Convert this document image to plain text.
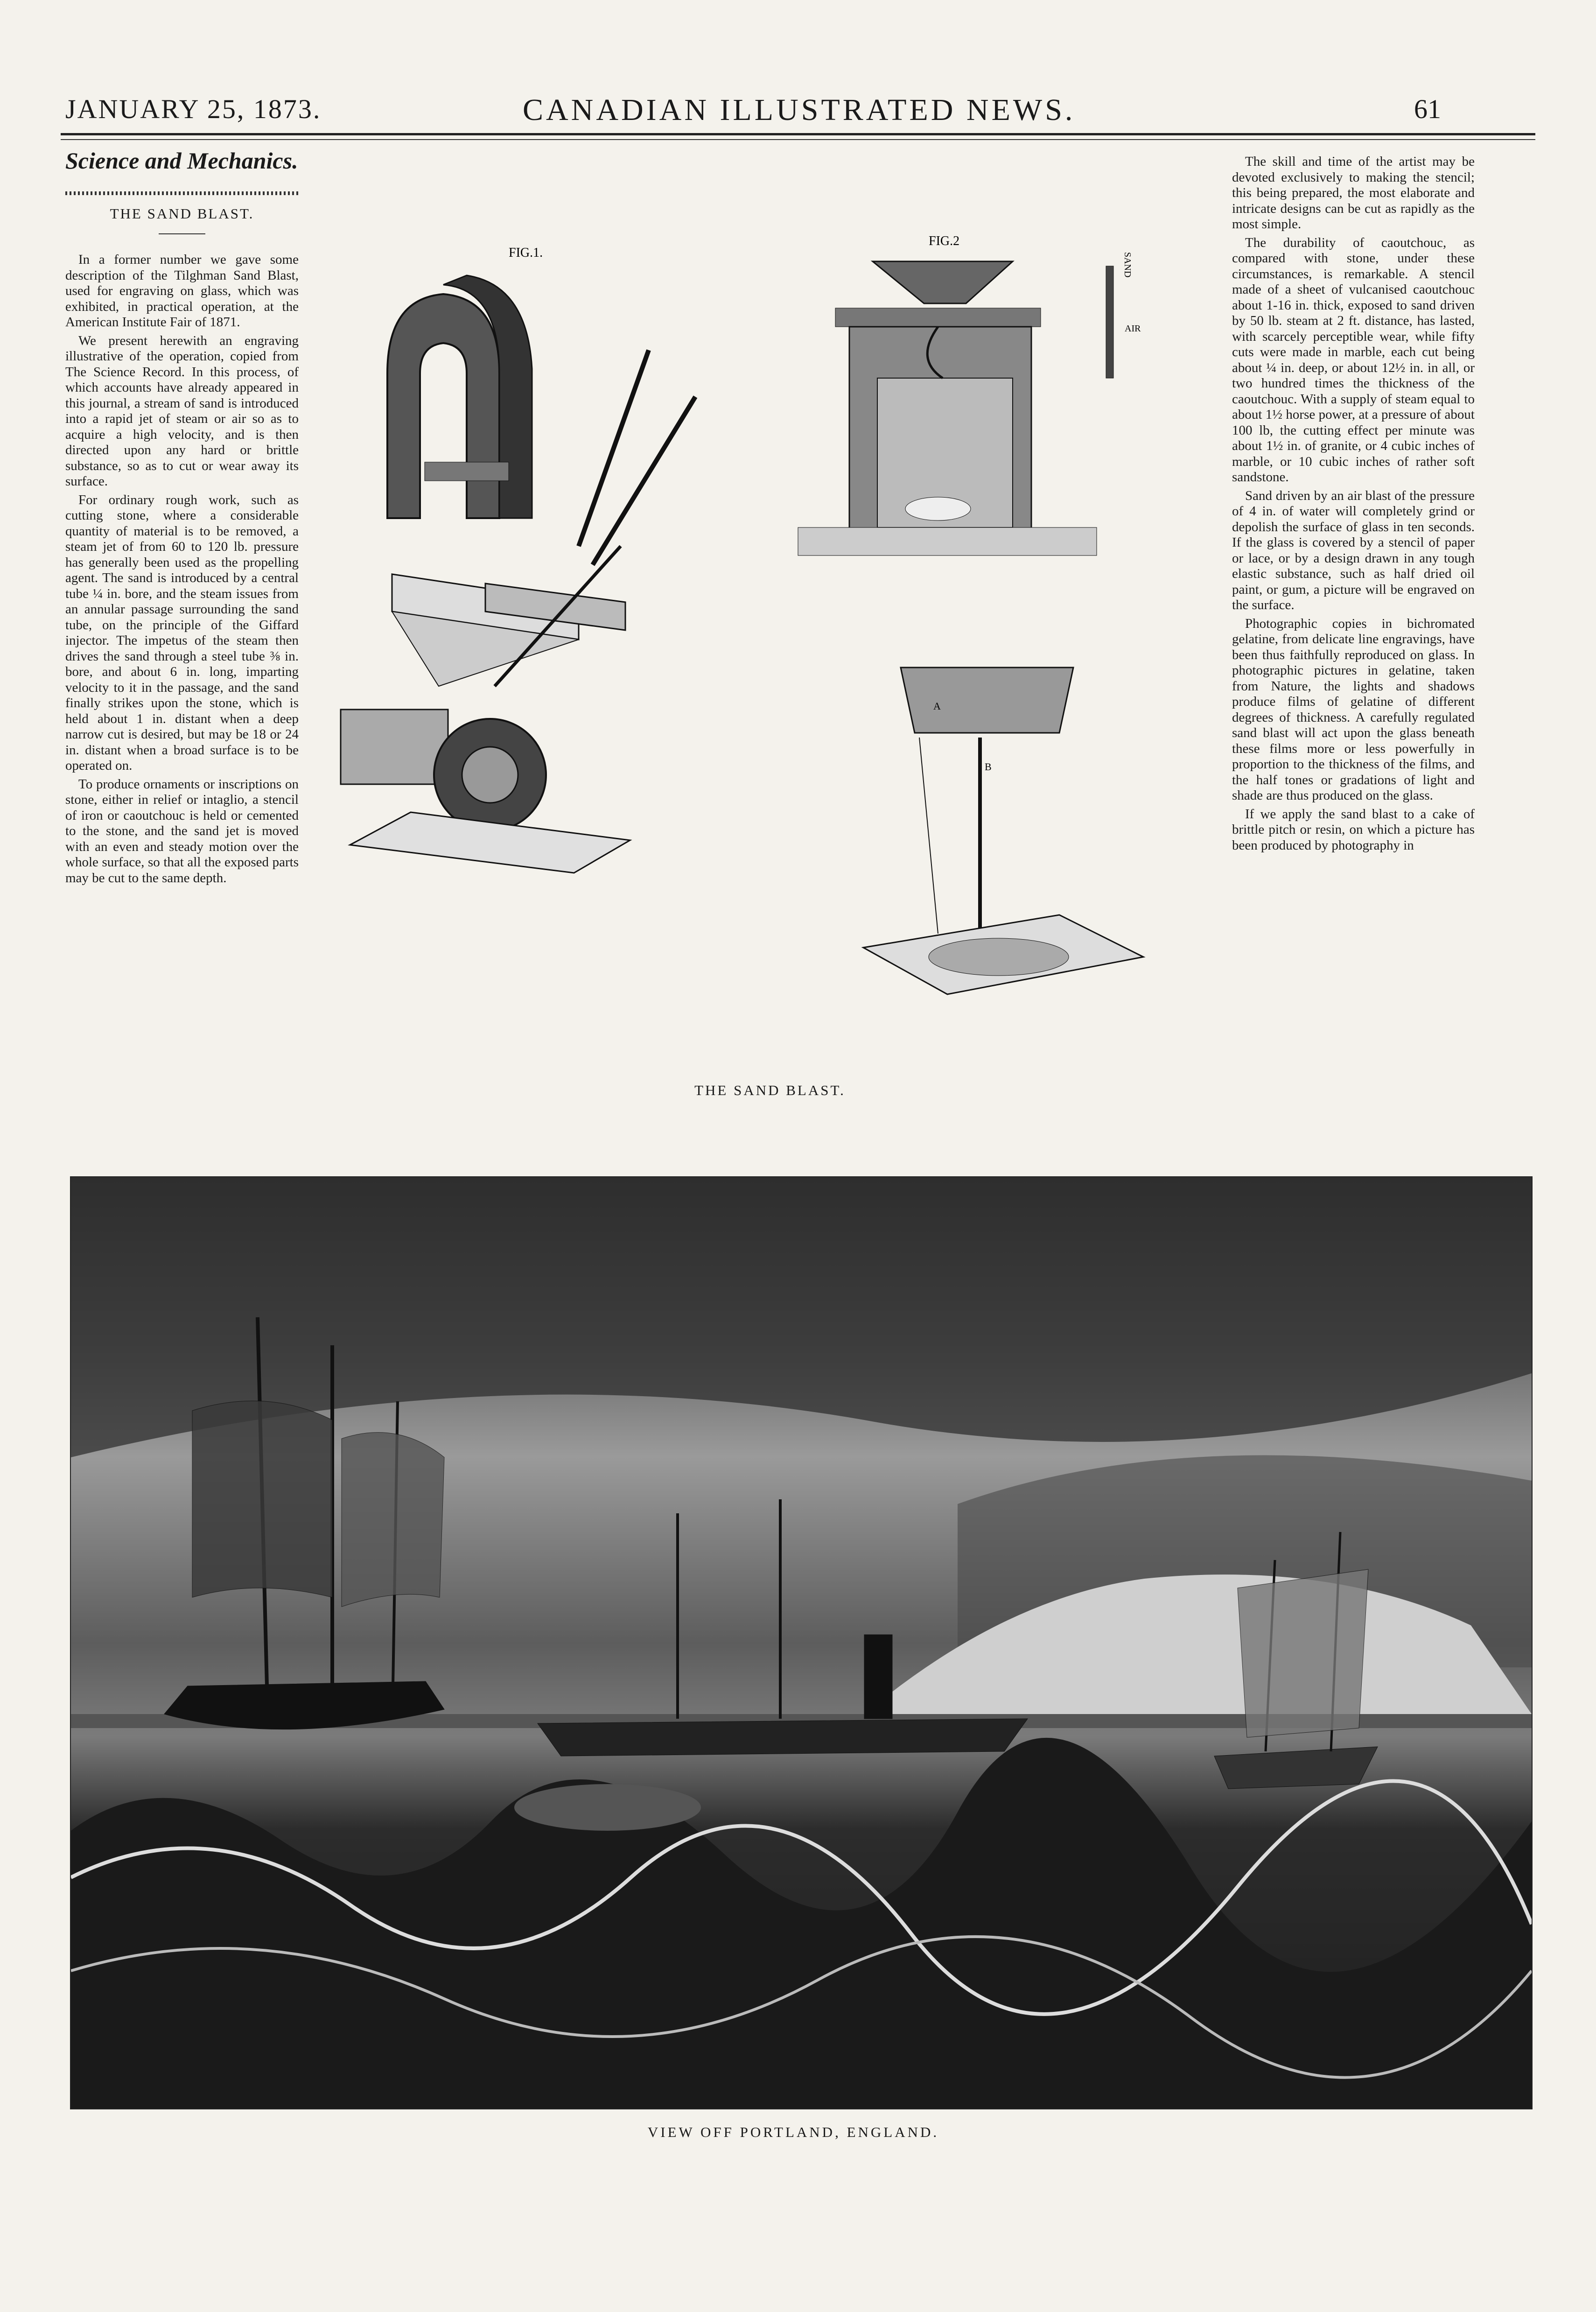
JANUARY 25, 1873.	CANADIAN ILLUSTRATED NEWS.	61
Science and Mechanics.
THE SAND BLAST.

In a former number we gave some description of the Tilghman Sand Blast, used for engraving on glass, which was exhibited, in practical operation, at the American Institute Fair of 1871.

We present herewith an engraving illustrative of the operation, copied from The Science Record. In this process, of which accounts have already appeared in this journal, a stream of sand is introduced into a rapid jet of steam or air so as to acquire a high velocity, and is then directed upon any hard or brittle substance, so as to cut or wear away its surface.

For ordinary rough work, such as cutting stone, where a considerable quantity of material is to be removed, a steam jet of from 60 to 120 lb. pressure has generally been used as the propelling agent. The sand is introduced by a central tube ¼ in. bore, and the steam issues from an annular passage surrounding the sand tube, on the principle of the Giffard injector. The impetus of the steam then drives the sand through a steel tube ⅜ in. bore, and about 6 in. long, imparting velocity to it in the passage, and the sand finally strikes upon the stone, which is held about 1 in. distant when a deep narrow cut is desired, but may be 18 or 24 in. distant when a broad surface is to be operated on.

To produce ornaments or inscriptions on stone, either in relief or intaglio, a stencil of iron or caoutchouc is held or cemented to the stone, and the sand jet is moved with an even and steady motion over the whole surface, so that all the exposed parts may be cut to the same depth.

FIG.1.
FIG.2
SAND
AIR
A
B
THE SAND BLAST.

The skill and time of the artist may be devoted exclusively to making the stencil; this being prepared, the most elaborate and intricate designs can be cut as rapidly as the most simple.

The durability of caoutchouc, as compared with stone, under these circumstances, is remarkable. A stencil made of a sheet of vulcanised caoutchouc about 1-16 in. thick, exposed to sand driven by 50 lb. steam at 2 ft. distance, has lasted, with scarcely perceptible wear, while fifty cuts were made in marble, each cut being about ¼ in. deep, or about 12½ in. in all, or two hundred times the thickness of the caoutchouc. With a supply of steam equal to about 1½ horse power, at a pressure of about 100 lb, the cutting effect per minute was about 1½ in. of granite, or 4 cubic inches of marble, or 10 cubic inches of rather soft sandstone.

Sand driven by an air blast of the pressure of 4 in. of water will completely grind or depolish the surface of glass in ten seconds. If the glass is covered by a stencil of paper or lace, or by a design drawn in any tough elastic substance, such as half dried oil paint, or gum, a picture will be engraved on the surface.

Photographic copies in bichromated gelatine, from delicate line engravings, have been thus faithfully reproduced on glass. In photographic pictures in gelatine, taken from Nature, the lights and shadows produce films of gelatine of different degrees of thickness. A carefully regulated sand blast will act upon the glass beneath these films more or less powerfully in proportion to the thickness of the films, and the half tones or gradations of light and shade are thus produced on the glass.

If we apply the sand blast to a cake of brittle pitch or resin, on which a picture has been produced by photography in

VIEW OFF PORTLAND, ENGLAND.
